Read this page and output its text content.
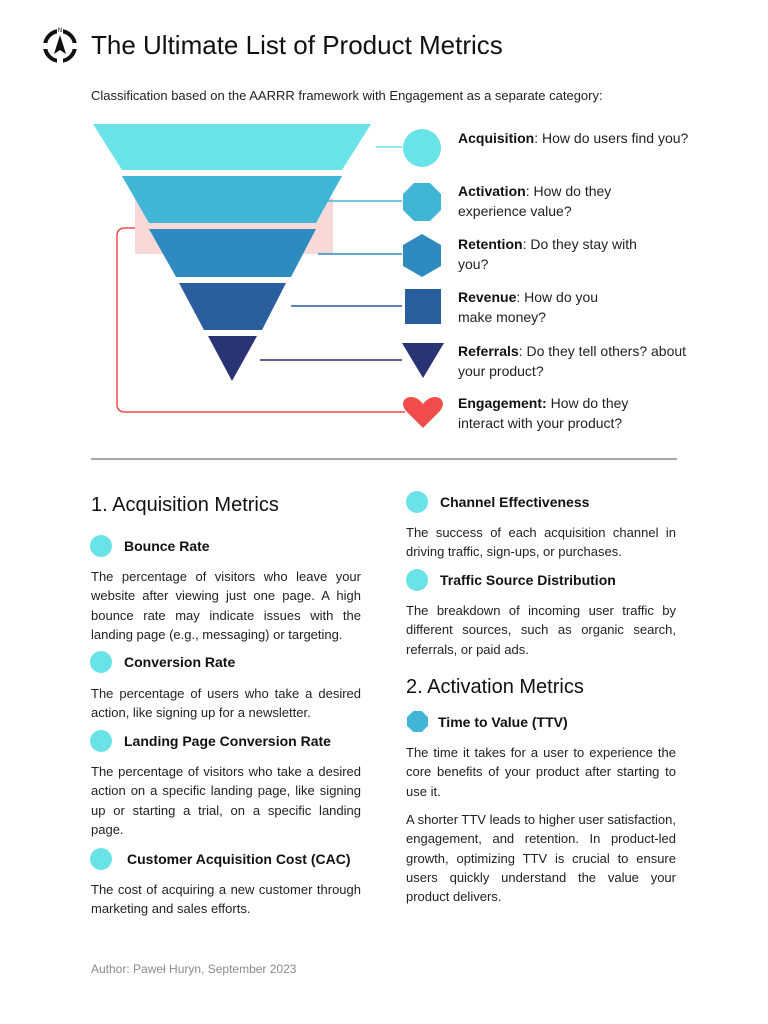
N The Ultimate List of Product Metrics
Classification based on the AARRR framework with Engagement as a separate category:
Acquisition: How do users find you?
Activation: How do they experience value?
Retention: Do they stay with you?
Revenue: How do you make money?
Referrals: Do they tell others? about your product?
Engagement: How do they interact with your product?
1. Acquisition Metrics
Bounce Rate
The percentage of visitors who leave your website after viewing just one page. A high bounce rate may indicate issues with the landing page (e.g., messaging) or targeting.
Conversion Rate
The percentage of users who take a desired action, like signing up for a newsletter.
Landing Page Conversion Rate
The percentage of visitors who take a desired action on a specific landing page, like signing up or starting a trial, on a specific landing page.
Customer Acquisition Cost (CAC)
The cost of acquiring a new customer through marketing and sales efforts.
Channel Effectiveness
The success of each acquisition channel in driving traffic, sign-ups, or purchases.
Traffic Source Distribution
The breakdown of incoming user traffic by different sources, such as organic search, referrals, or paid ads.
2. Activation Metrics
Time to Value (TTV)
The time it takes for a user to experience the core benefits of your product after starting to use it.
A shorter TTV leads to higher user satisfaction, engagement, and retention. In product-led growth, optimizing TTV is crucial to ensure users quickly understand the value your product delivers.
Author: Paweł Huryn, September 2023
